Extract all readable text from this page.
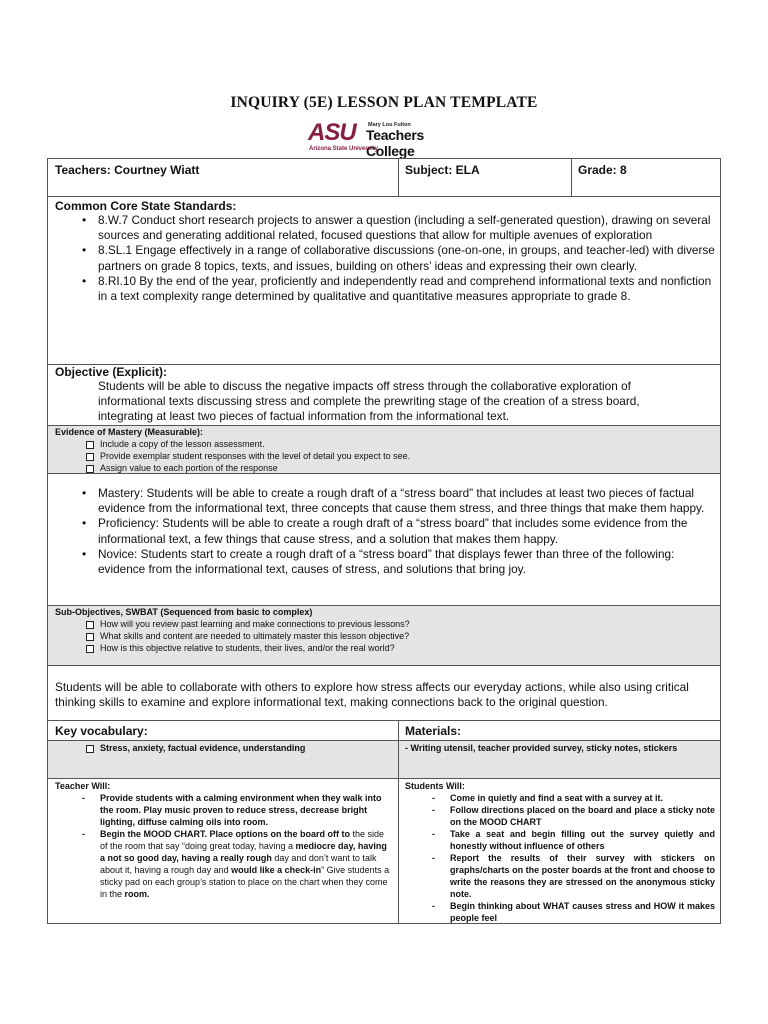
INQUIRY (5E) LESSON PLAN TEMPLATE
ASU Mary Lou Fulton
Teachers College
Arizona State University
Teachers: Courtney Wiatt	Subject: ELA	Grade: 8
Common Core State Standards:
• 8.W.7 Conduct short research projects to answer a question (including a self-generated question), drawing on several sources and generating additional related, focused questions that allow for multiple avenues of exploration
• 8.SL.1 Engage effectively in a range of collaborative discussions (one-on-one, in groups, and teacher-led) with diverse partners on grade 8 topics, texts, and issues, building on others’ ideas and expressing their own clearly.
• 8.RI.10 By the end of the year, proficiently and independently read and comprehend informational texts and nonfiction in a text complexity range determined by qualitative and quantitative measures appropriate to grade 8.
Objective (Explicit):
Students will be able to discuss the negative impacts off stress through the collaborative exploration of informational texts discussing stress and complete the prewriting stage of the creation of a stress board, integrating at least two pieces of factual information from the informational text.
Evidence of Mastery (Measurable):
Include a copy of the lesson assessment.
Provide exemplar student responses with the level of detail you expect to see.
Assign value to each portion of the response
• Mastery: Students will be able to create a rough draft of a “stress board” that includes at least two pieces of factual evidence from the informational text, three concepts that cause them stress, and three things that make them happy.
• Proficiency: Students will be able to create a rough draft of a “stress board” that includes some evidence from the informational text, a few things that cause stress, and a solution that makes them happy.
• Novice: Students start to create a rough draft of a “stress board” that displays fewer than three of the following: evidence from the informational text, causes of stress, and solutions that bring joy.
Sub-Objectives, SWBAT (Sequenced from basic to complex)
How will you review past learning and make connections to previous lessons?
What skills and content are needed to ultimately master this lesson objective?
How is this objective relative to students, their lives, and/or the real world?
Students will be able to collaborate with others to explore how stress affects our everyday actions, while also using critical thinking skills to examine and explore informational text, making connections back to the original question.
Key vocabulary:	Materials:
Stress, anxiety, factual evidence, understanding	- Writing utensil, teacher provided survey, sticky notes, stickers
Teacher Will:
- Provide students with a calming environment when they walk into the room. Play music proven to reduce stress, decrease bright lighting, diffuse calming oils into room.
- Begin the MOOD CHART. Place options on the board off to the side of the room that say “doing great today, having a mediocre day, having a not so good day, having a really rough day and don’t want to talk about it, having a rough day and would like a check-in” Give students a sticky pad on each group’s station to place on the chart when they come in the room.
Students Will:
- Come in quietly and find a seat with a survey at it.
- Follow directions placed on the board and place a sticky note on the MOOD CHART
- Take a seat and begin filling out the survey quietly and honestly without influence of others
- Report the results of their survey with stickers on graphs/charts on the poster boards at the front and choose to write the reasons they are stressed on the anonymous sticky note.
- Begin thinking about WHAT causes stress and HOW it makes people feel
